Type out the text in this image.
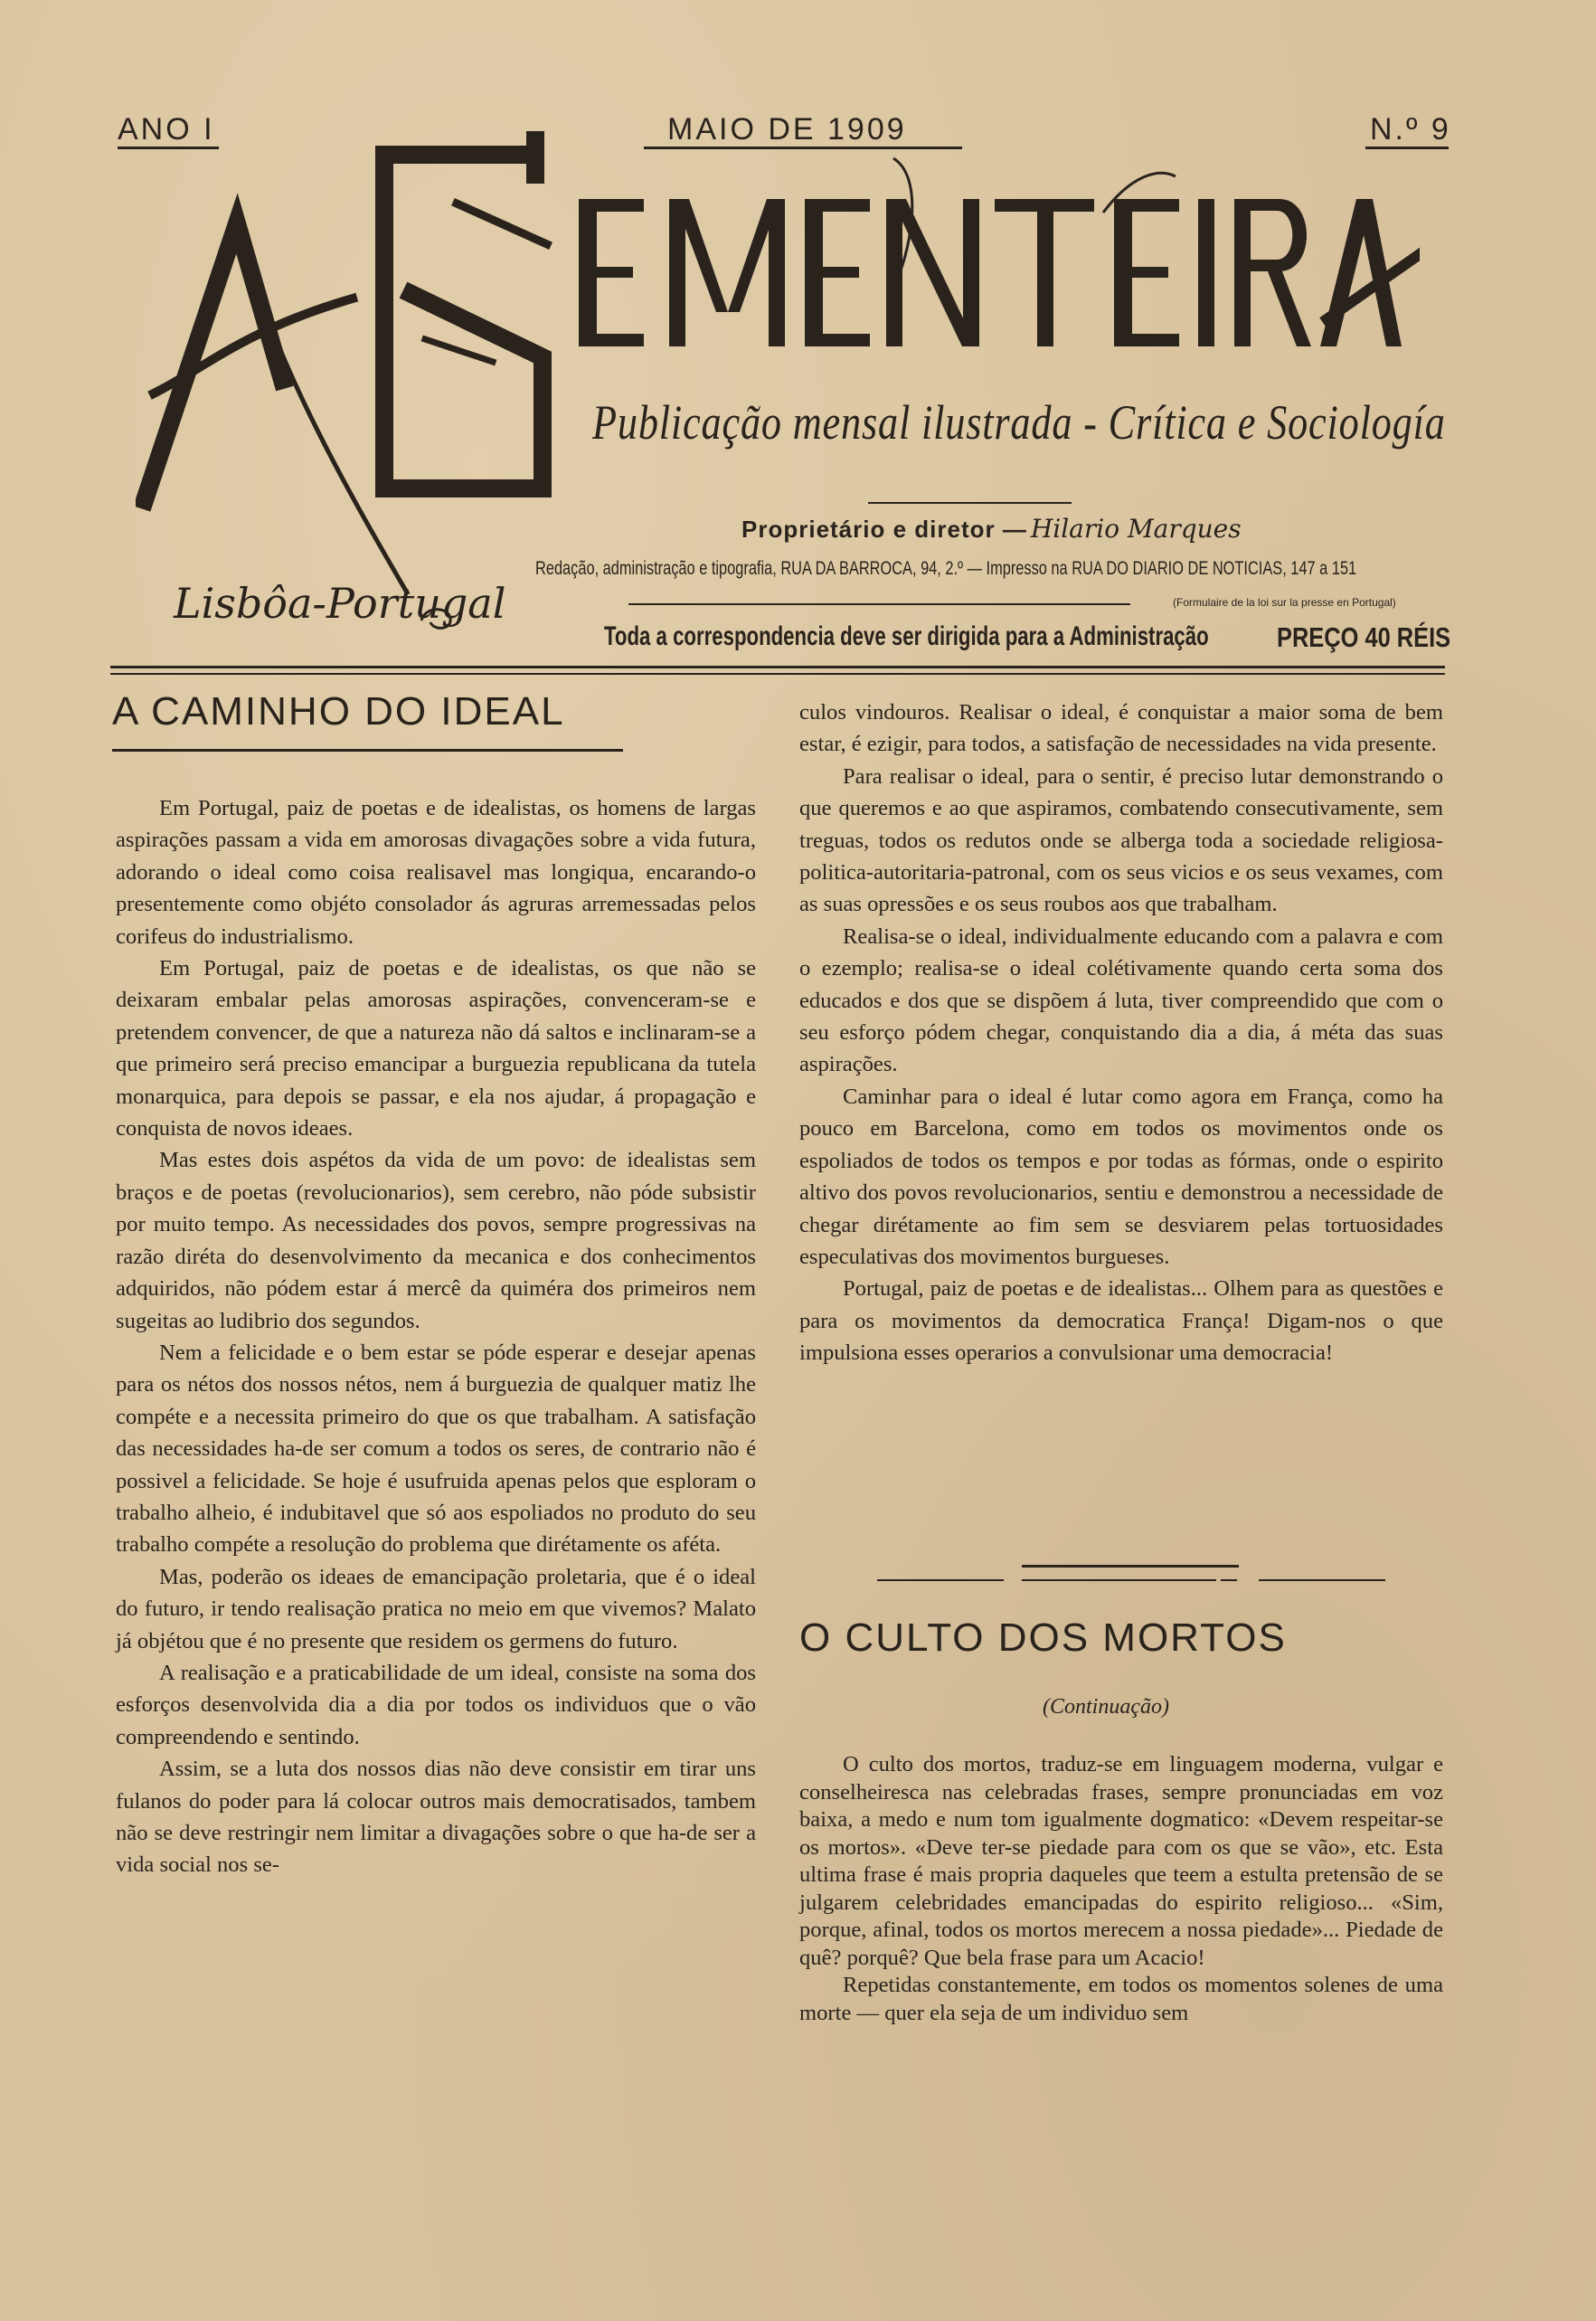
ANO I	MAIO DE 1909	N.º 9
Publicação mensal ilustrada - Crítica e Sociología
Proprietário e diretor — Hilario Marques
Redação, administração e tipografia, RUA DA BARROCA, 94, 2.º — Impresso na RUA DO DIARIO DE NOTICIAS, 147 a 151
(Formulaire de la loi sur la presse en Portugal)
Lisbôa-Portugal
Toda a correspondencia deve ser dirigida para a Administração PREÇO 40 RÉIS
A CAMINHO DO IDEAL

Em Portugal, paiz de poetas e de idealistas, os homens de largas aspirações passam a vida em amorosas divagações sobre a vida futura, adorando o ideal como coisa realisavel mas longiqua, encarando-o presentemente como objéto consolador ás agruras arremessadas pelos corifeus do industrialismo.

Em Portugal, paiz de poetas e de idealistas, os que não se deixaram embalar pelas amorosas aspirações, convenceram-se e pretendem convencer, de que a natureza não dá saltos e inclinaram-se a que primeiro será preciso emancipar a burguezia republicana da tutela monarquica, para depois se passar, e ela nos ajudar, á propagação e conquista de novos ideaes.

Mas estes dois aspétos da vida de um povo: de idealistas sem braços e de poetas (revolucionarios), sem cerebro, não póde subsistir por muito tempo. As necessidades dos povos, sempre progressivas na razão diréta do desenvolvimento da mecanica e dos conhecimentos adquiridos, não pódem estar á mercê da quiméra dos primeiros nem sugeitas ao ludibrio dos segundos.

Nem a felicidade e o bem estar se póde esperar e desejar apenas para os nétos dos nossos nétos, nem á burguezia de qualquer matiz lhe compéte e a necessita primeiro do que os que trabalham. A satisfação das necessidades ha-de ser comum a todos os seres, de contrario não é possivel a felicidade. Se hoje é usufruida apenas pelos que esploram o trabalho alheio, é indubitavel que só aos espoliados no produto do seu trabalho compéte a resolução do problema que dirétamente os aféta.

Mas, poderão os ideaes de emancipação proletaria, que é o ideal do futuro, ir tendo realisação pratica no meio em que vivemos? Malato já objétou que é no presente que residem os germens do futuro.

A realisação e a praticabilidade de um ideal, consiste na soma dos esforços desenvolvida dia a dia por todos os individuos que o vão compreendendo e sentindo.

Assim, se a luta dos nossos dias não deve consistir em tirar uns fulanos do poder para lá colocar outros mais democratisados, tambem não se deve restringir nem limitar a divagações sobre o que ha-de ser a vida social nos se-

culos vindouros. Realisar o ideal, é conquistar a maior soma de bem estar, é ezigir, para todos, a satisfação de necessidades na vida presente.

Para realisar o ideal, para o sentir, é preciso lutar demonstrando o que queremos e ao que aspiramos, combatendo consecutivamente, sem treguas, todos os redutos onde se alberga toda a sociedade religiosa-politica-autoritaria-patronal, com os seus vicios e os seus vexames, com as suas opressões e os seus roubos aos que trabalham.

Realisa-se o ideal, individualmente educando com a palavra e com o ezemplo; realisa-se o ideal colétivamente quando certa soma dos educados e dos que se dispõem á luta, tiver compreendido que com o seu esforço pódem chegar, conquistando dia a dia, á méta das suas aspirações.

Caminhar para o ideal é lutar como agora em França, como ha pouco em Barcelona, como em todos os movimentos onde os espoliados de todos os tempos e por todas as fórmas, onde o espirito altivo dos povos revolucionarios, sentiu e demonstrou a necessidade de chegar dirétamente ao fim sem se desviarem pelas tortuosidades especulativas dos movimentos burgueses.

Portugal, paiz de poetas e de idealistas... Olhem para as questões e para os movimentos da democratica França! Digam-nos o que impulsiona esses operarios a convulsionar uma democracia!

O CULTO DOS MORTOS
(Continuação)

O culto dos mortos, traduz-se em linguagem moderna, vulgar e conselheiresca nas celebradas frases, sempre pronunciadas em voz baixa, a medo e num tom igualmente dogmatico: «Devem respeitar-se os mortos». «Deve ter-se piedade para com os que se vão», etc. Esta ultima frase é mais propria daqueles que teem a estulta pretensão de se julgarem celebridades emancipadas do espirito religioso... «Sim, porque, afinal, todos os mortos merecem a nossa piedade»... Piedade de quê? porquê? Que bela frase para um Acacio!

Repetidas constantemente, em todos os momentos solenes de uma morte — quer ela seja de um individuo sem
